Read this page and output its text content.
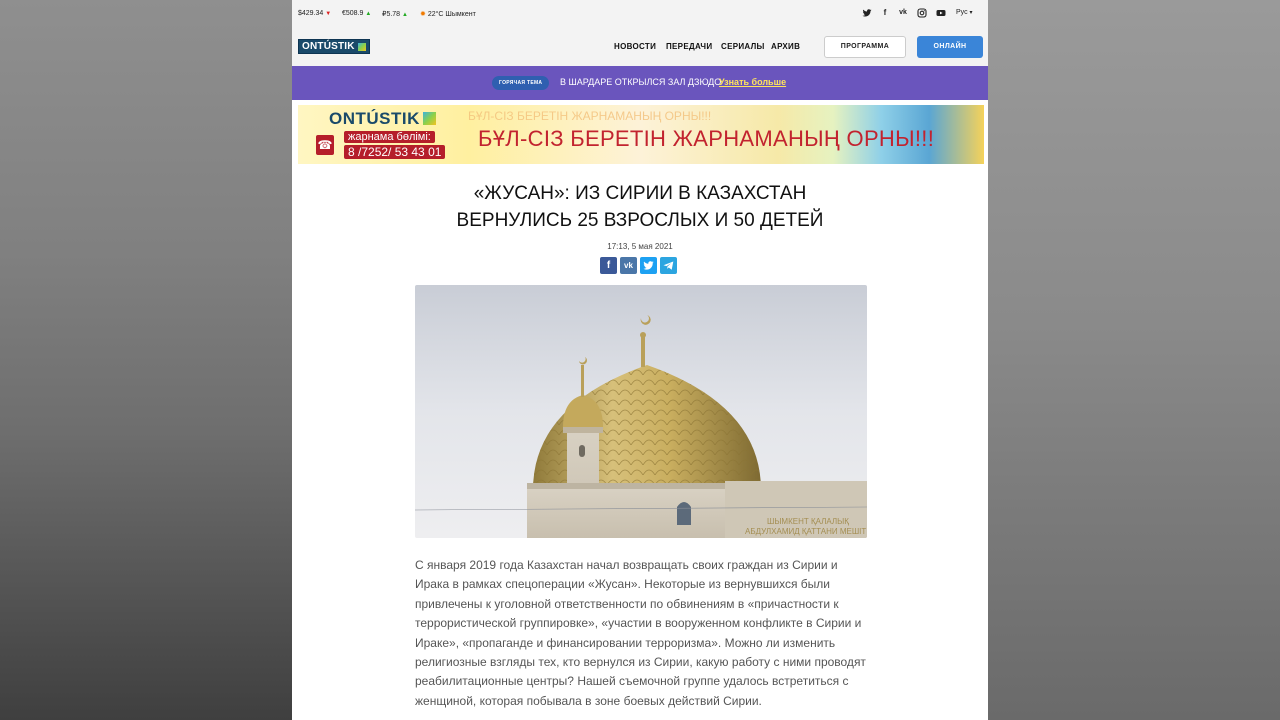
$429.34 ▼ €508.9 ▲ ₽5.78 ▲ ✹ 22°С Шымкент	f	vk	Рус ▾
ONTÚSTIK	НОВОСТИ ПЕРЕДАЧИ СЕРИАЛЫ АРХИВ	ПРОГРАММА	ОНЛАЙН
ГОРЯЧАЯ ТЕМА	В ШАРДАРЕ ОТКРЫЛСЯ ЗАЛ ДЗЮДО
Узнать больше
ONTÚSTIK	БҰЛ-СІЗ БЕРЕТІН ЖАРНАМАНЫҢ ОРНЫ!!!
☎
жарнама бөлімі:
8 /7252/ 53 43 01
БҰЛ-СІЗ БЕРЕТІН ЖАРНАМАНЫҢ ОРНЫ!!!
«ЖУСАН»: ИЗ СИРИИ В КАЗАХСТАН
ВЕРНУЛИСЬ 25 ВЗРОСЛЫХ И 50 ДЕТЕЙ
17:13, 5 мая 2021
f	vk
ШЫМКЕНТ ҚАЛАЛЫҚ
АБДУЛХАМИД ҚАТТАНИ МЕШІТ

С января 2019 года Казахстан начал возвращать своих граждан из Сирии и Ирака в рамках спецоперации «Жусан». Некоторые из вернувшихся были привлечены к уголовной ответственности по обвинениям в «причастности к террористической группировке», «участии в вооруженном конфликте в Сирии и Ираке», «пропаганде и финансировании терроризма». Можно ли изменить религиозные взгляды тех, кто вернулся из Сирии, какую работу с ними проводят реабилитационные центры? Нашей съемочной группе удалось встретиться с женщиной, которая побывала в зоне боевых действий Сирии.
